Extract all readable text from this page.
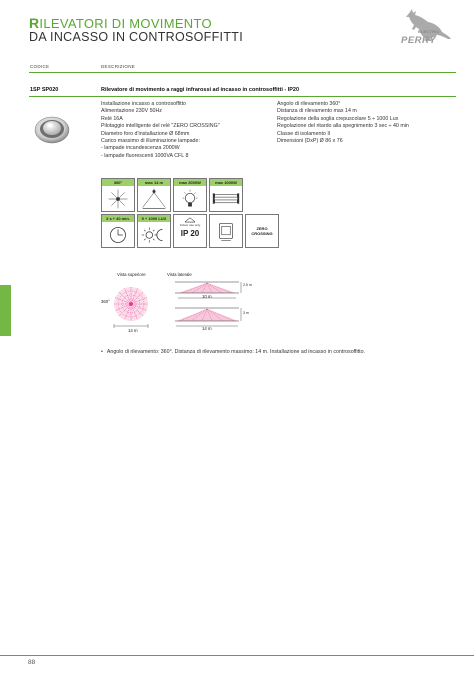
RILEVATORI DI MOVIMENTO
DA INCASSO IN CONTROSOFFITTI	ELECTRIC
PERRY
CODICE	DESCRIZIONE
1SP SP020	Rilevatore di movimento a raggi infrarossi ad incasso in controsoffitti - IP20
Installazione incasso a controsoffitto
Alimentazione 230V 50Hz
Relè 16A
Pilotaggio intelligente del relè "ZERO CROSSING"
Diametro foro d'installazione Ø 68mm
Carico massimo di illuminazione lampade:
- lampade incandescenza 2000W
- lampade fluorescenti 1000VA CFL 8
Angolo di rilevamento 360°
Distanza di rilevamento max 14 m
Regolazione della soglia crepuscolare 5 ÷ 1000 Lux
Regolazione del ritardo alla spegnimento 3 sec ÷ 40 min
Classe di isolamento II
Dimensioni (DxP) Ø 86 x 76
360°	max 14 m	max 2000W	max 1000W
3 s ÷ 40 min.	5 ÷ 1000 LUX
Indoor use only
IP 20
ZERO
CROSSING
Vista superiore	Vista laterale
360°
14 m
10 m
14 m
2,5 m
3 m
• Angolo di rilevamento: 360°. Distanza di rilevamento massimo: 14 m. Installazione ad incasso in controsoffitto.
88
